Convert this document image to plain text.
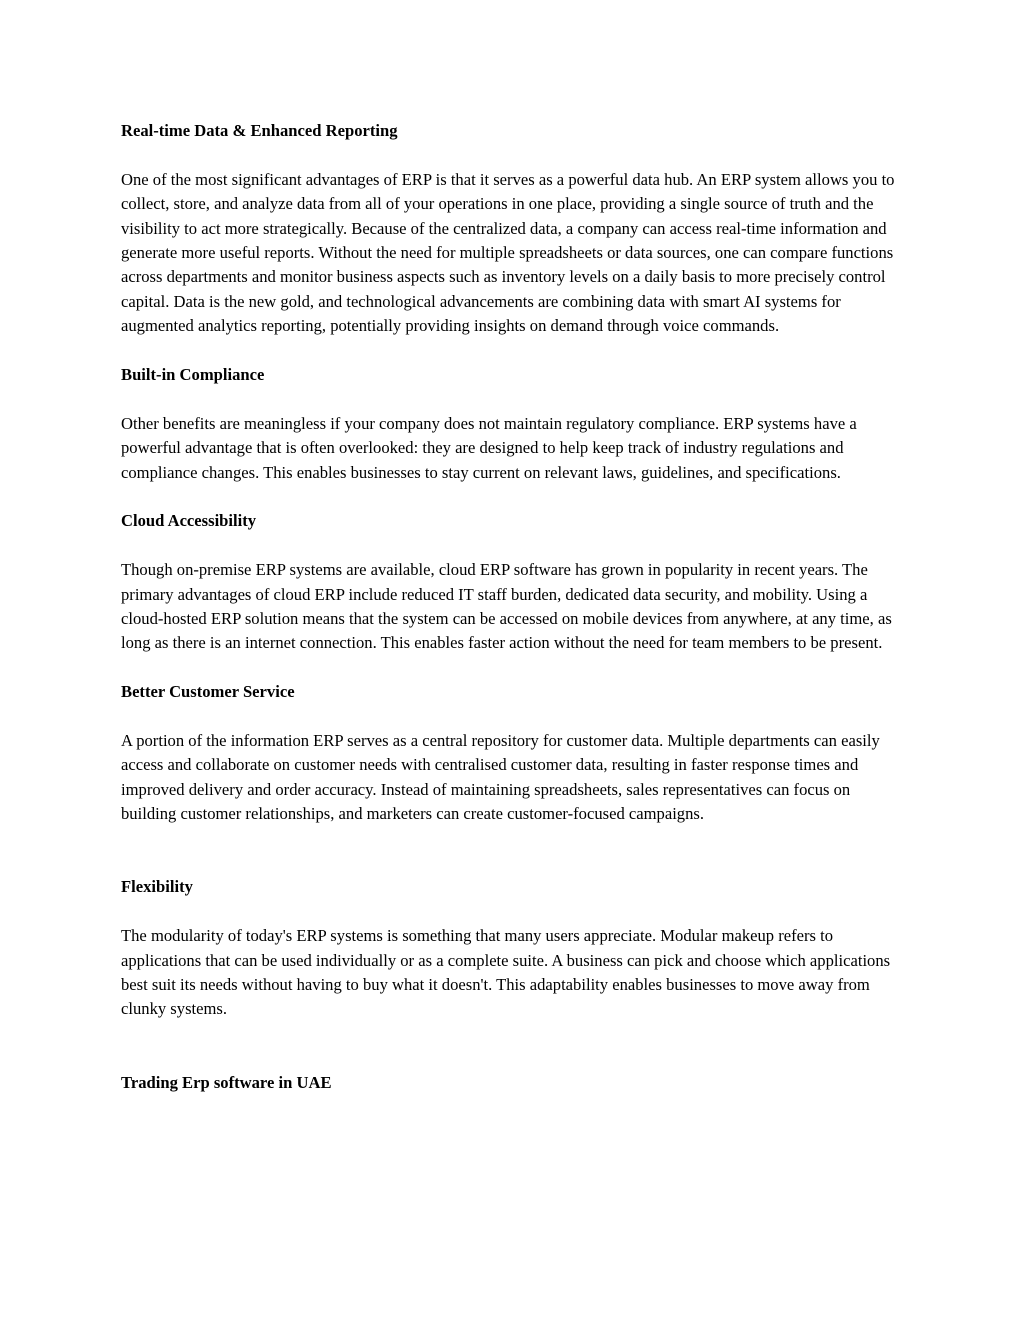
Real-time Data & Enhanced Reporting

One of the most significant advantages of ERP is that it serves as a powerful data hub. An ERP system allows you to collect, store, and analyze data from all of your operations in one place, providing a single source of truth and the visibility to act more strategically. Because of the centralized data, a company can access real-time information and generate more useful reports. Without the need for multiple spreadsheets or data sources, one can compare functions across departments and monitor business aspects such as inventory levels on a daily basis to more precisely control capital. Data is the new gold, and technological advancements are combining data with smart AI systems for augmented analytics reporting, potentially providing insights on demand through voice commands.

Built-in Compliance

Other benefits are meaningless if your company does not maintain regulatory compliance. ERP systems have a powerful advantage that is often overlooked: they are designed to help keep track of industry regulations and compliance changes. This enables businesses to stay current on relevant laws, guidelines, and specifications.

Cloud Accessibility

Though on-premise ERP systems are available, cloud ERP software has grown in popularity in recent years. The primary advantages of cloud ERP include reduced IT staff burden, dedicated data security, and mobility. Using a cloud-hosted ERP solution means that the system can be accessed on mobile devices from anywhere, at any time, as long as there is an internet connection. This enables faster action without the need for team members to be present.

Better Customer Service

A portion of the information ERP serves as a central repository for customer data. Multiple departments can easily access and collaborate on customer needs with centralised customer data, resulting in faster response times and improved delivery and order accuracy. Instead of maintaining spreadsheets, sales representatives can focus on building customer relationships, and marketers can create customer-focused campaigns.

Flexibility

The modularity of today's ERP systems is something that many users appreciate. Modular makeup refers to applications that can be used individually or as a complete suite. A business can pick and choose which applications best suit its needs without having to buy what it doesn't. This adaptability enables businesses to move away from clunky systems.

Trading Erp software in UAE
